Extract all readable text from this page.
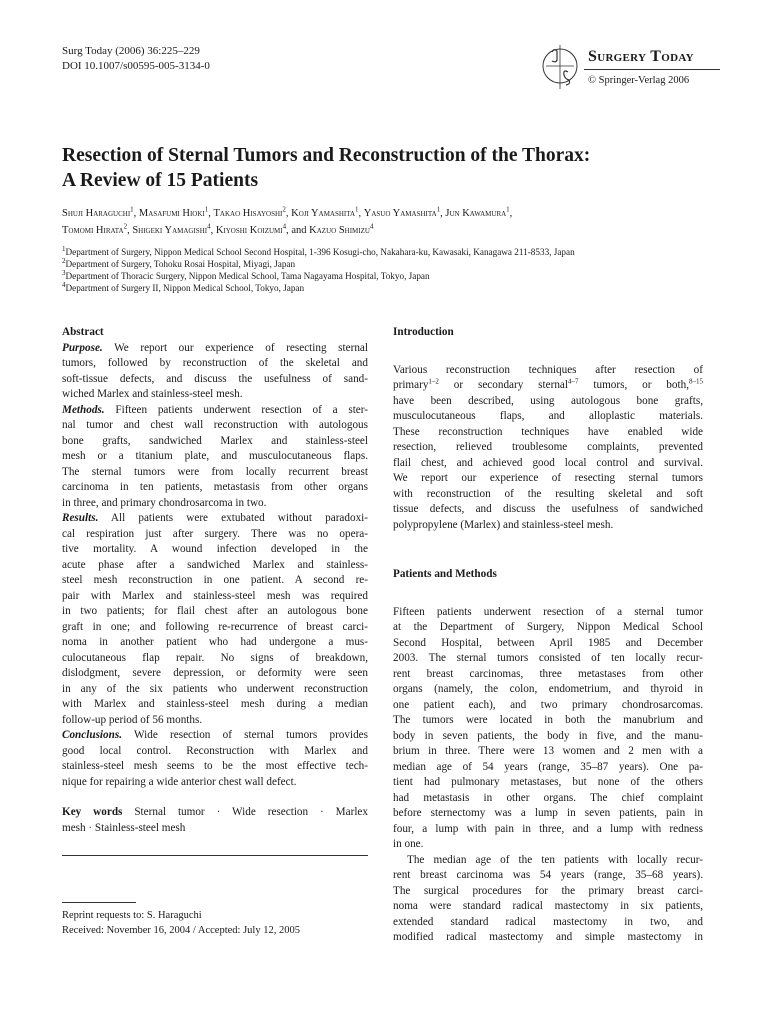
Surg Today (2006) 36:225–229
DOI 10.1007/s00595-005-3134-0
Surgery Today
© Springer-Verlag 2006
Resection of Sternal Tumors and Reconstruction of the Thorax:
A Review of 15 Patients
Shuji Haraguchi$^1$, Masafumi Hioki$^1$, Takao Hisayoshi$^2$, Koji Yamashita$^1$, Yasuo Yamashita$^1$, Jun Kawamura$^1$,
Tomomi Hirata$^2$, Shigeki Yamagishi$^4$, Kiyoshi Koizumi$^4$, and Kazuo Shimizu$^4$
$^1$Department of Surgery, Nippon Medical School Second Hospital, 1-396 Kosugi-cho, Nakahara-ku, Kawasaki, Kanagawa 211-8533, Japan
$^2$Department of Surgery, Tohoku Rosai Hospital, Miyagi, Japan
$^3$Department of Thoracic Surgery, Nippon Medical School, Tama Nagayama Hospital, Tokyo, Japan
$^4$Department of Surgery II, Nippon Medical School, Tokyo, Japan
Abstract
Purpose. We report our experience of resecting sternal
tumors, followed by reconstruction of the skeletal and
soft-tissue defects, and discuss the usefulness of sand-
wiched Marlex and stainless-steel mesh.
Methods. Fifteen patients underwent resection of a ster-
nal tumor and chest wall reconstruction with autologous
bone grafts, sandwiched Marlex and stainless-steel
mesh or a titanium plate, and musculocutaneous flaps.
The sternal tumors were from locally recurrent breast
carcinoma in ten patients, metastasis from other organs
in three, and primary chondrosarcoma in two.
Results. All patients were extubated without paradoxi-
cal respiration just after surgery. There was no opera-
tive mortality. A wound infection developed in the
acute phase after a sandwiched Marlex and stainless-
steel mesh reconstruction in one patient. A second re-
pair with Marlex and stainless-steel mesh was required
in two patients; for flail chest after an autologous bone
graft in one; and following re-recurrence of breast carci-
noma in another patient who had undergone a mus-
culocutaneous flap repair. No signs of breakdown,
dislodgment, severe depression, or deformity were seen
in any of the six patients who underwent reconstruction
with Marlex and stainless-steel mesh during a median
follow-up period of 56 months.
Conclusions. Wide resection of sternal tumors provides
good local control. Reconstruction with Marlex and
stainless-steel mesh seems to be the most effective tech-
nique for repairing a wide anterior chest wall defect.
Key words Sternal tumor · Wide resection · Marlex
mesh · Stainless-steel mesh
Reprint requests to: S. Haraguchi
Received: November 16, 2004 / Accepted: July 12, 2005
Introduction
Various reconstruction techniques after resection of
primary$^{1-2}$ or secondary sternal$^{4-7}$ tumors, or both,$^{8-15}$
have been described, using autologous bone grafts,
musculocutaneous flaps, and alloplastic materials.
These reconstruction techniques have enabled wide
resection, relieved troublesome complaints, prevented
flail chest, and achieved good local control and survival.
We report our experience of resecting sternal tumors
with reconstruction of the resulting skeletal and soft
tissue defects, and discuss the usefulness of sandwiched
polypropylene (Marlex) and stainless-steel mesh.
Patients and Methods
Fifteen patients underwent resection of a sternal tumor
at the Department of Surgery, Nippon Medical School
Second Hospital, between April 1985 and December
2003. The sternal tumors consisted of ten locally recur-
rent breast carcinomas, three metastases from other
organs (namely, the colon, endometrium, and thyroid in
one patient each), and two primary chondrosarcomas.
The tumors were located in both the manubrium and
body in seven patients, the body in five, and the manu-
brium in three. There were 13 women and 2 men with a
median age of 54 years (range, 35–87 years). One pa-
tient had pulmonary metastases, but none of the others
had metastasis in other organs. The chief complaint
before sternectomy was a lump in seven patients, pain in
four, a lump with pain in three, and a lump with redness
in one.
The median age of the ten patients with locally recur-
rent breast carcinoma was 54 years (range, 35–68 years).
The surgical procedures for the primary breast carci-
noma were standard radical mastectomy in six patients,
extended standard radical mastectomy in two, and
modified radical mastectomy and simple mastectomy in
